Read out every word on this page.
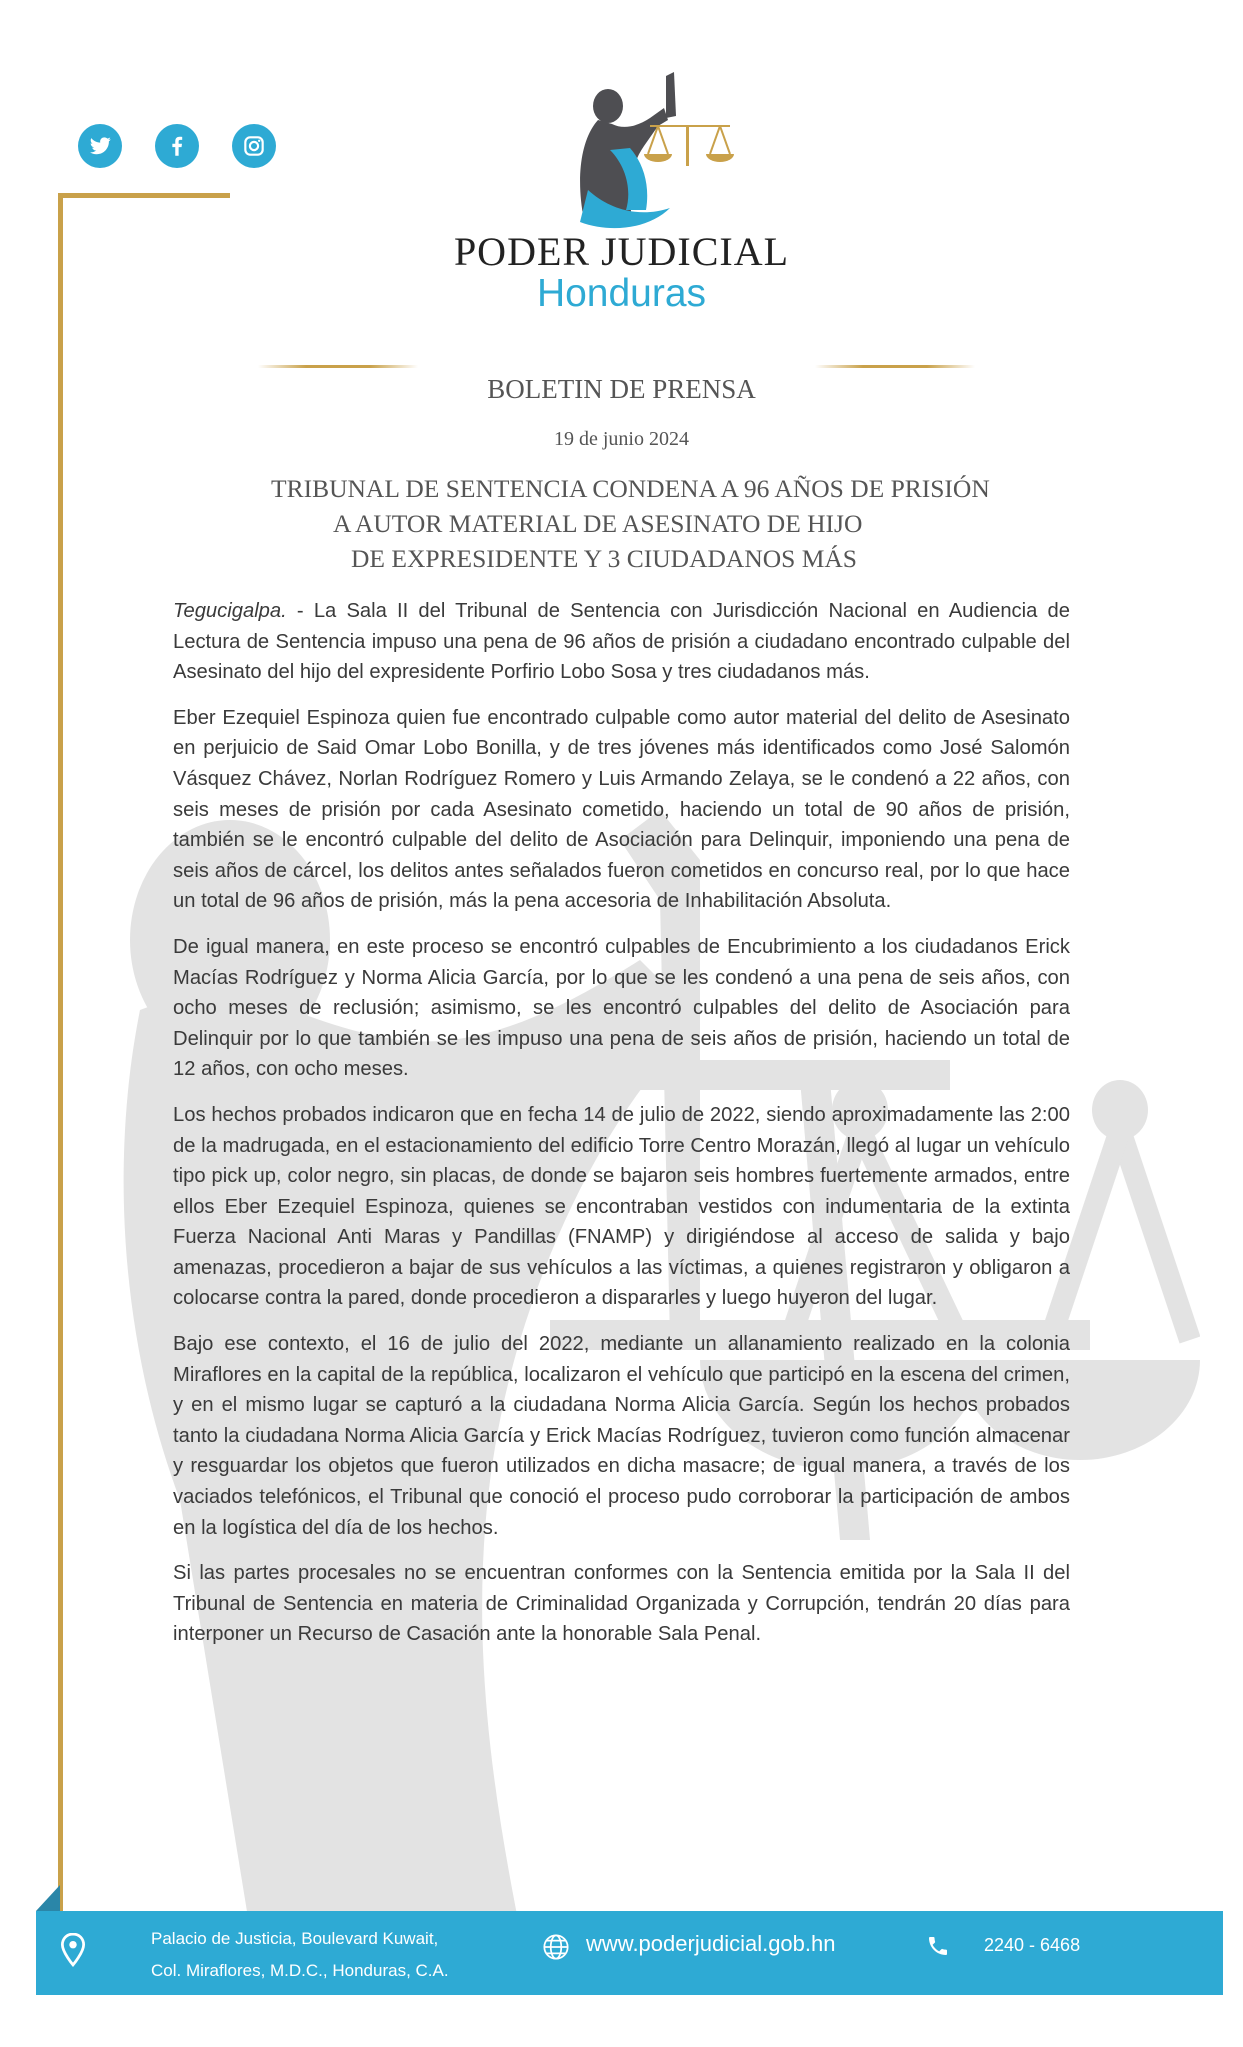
PODER JUDICIAL
Honduras
BOLETIN DE PRENSA
19 de junio 2024
TRIBUNAL DE SENTENCIA CONDENA A 96 AÑOS DE PRISIÓN
A AUTOR MATERIAL DE ASESINATO DE HIJO
DE EXPRESIDENTE Y 3 CIUDADANOS MÁS

Tegucigalpa. - La Sala II del Tribunal de Sentencia con Jurisdicción Nacional en Audiencia de Lectura de Sentencia impuso una pena de 96 años de prisión a ciudadano encontrado culpable del Asesinato del hijo del expresidente Porfirio Lobo Sosa y tres ciudadanos más.

Eber Ezequiel Espinoza quien fue encontrado culpable como autor material del delito de Asesinato en perjuicio de Said Omar Lobo Bonilla, y de tres jóvenes más identificados como José Salomón Vásquez Chávez, Norlan Rodríguez Romero y Luis Armando Zelaya, se le condenó a 22 años, con seis meses de prisión por cada Asesinato cometido, haciendo un total de 90 años de prisión, también se le encontró culpable del delito de Asociación para Delinquir, imponiendo una pena de seis años de cárcel, los delitos antes señalados fueron cometidos en concurso real, por lo que hace un total de 96 años de prisión, más la pena accesoria de Inhabilitación Absoluta.

De igual manera, en este proceso se encontró culpables de Encubrimiento a los ciudadanos Erick Macías Rodríguez y Norma Alicia García, por lo que se les condenó a una pena de seis años, con ocho meses de reclusión; asimismo, se les encontró culpables del delito de Asociación para Delinquir por lo que también se les impuso una pena de seis años de prisión, haciendo un total de 12 años, con ocho meses.

Los hechos probados indicaron que en fecha 14 de julio de 2022, siendo aproximadamente las 2:00 de la madrugada, en el estacionamiento del edificio Torre Centro Morazán, llegó al lugar un vehículo tipo pick up, color negro, sin placas, de donde se bajaron seis hombres fuertemente armados, entre ellos Eber Ezequiel Espinoza, quienes se encontraban vestidos con indumentaria de la extinta Fuerza Nacional Anti Maras y Pandillas (FNAMP) y dirigiéndose al acceso de salida y bajo amenazas, procedieron a bajar de sus vehículos a las víctimas, a quienes registraron y obligaron a colocarse contra la pared, donde procedieron a dispararles y luego huyeron del lugar.

Bajo ese contexto, el 16 de julio del 2022, mediante un allanamiento realizado en la colonia Miraflores en la capital de la república, localizaron el vehículo que participó en la escena del crimen, y en el mismo lugar se capturó a la ciudadana Norma Alicia García. Según los hechos probados tanto la ciudadana Norma Alicia García y Erick Macías Rodríguez, tuvieron como función almacenar y resguardar los objetos que fueron utilizados en dicha masacre; de igual manera, a través de los vaciados telefónicos, el Tribunal que conoció el proceso pudo corroborar la participación de ambos en la logística del día de los hechos.

Si las partes procesales no se encuentran conformes con la Sentencia emitida por la Sala II del Tribunal de Sentencia en materia de Criminalidad Organizada y Corrupción, tendrán 20 días para interponer un Recurso de Casación ante la honorable Sala Penal.

Palacio de Justicia, Boulevard Kuwait,
Col. Miraflores, M.D.C., Honduras, C.A.
www.poderjudicial.gob.hn	2240 - 6468
